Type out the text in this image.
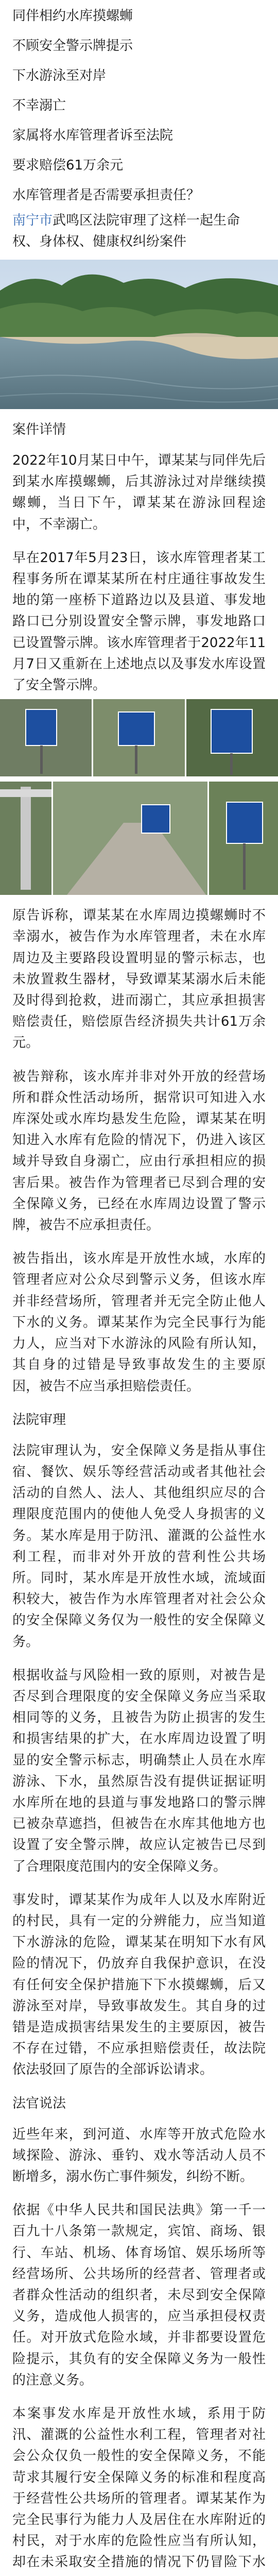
同伴相约水库摸螺蛳

不顾安全警示牌提示

下水游泳至对岸

不幸溺亡

家属将水库管理者诉至法院

要求赔偿61万余元

水库管理者是否需要承担责任？

南宁市武鸣区法院审理了这样一起生命权、身体权、健康权纠纷案件

案件详情

2022年10月某日中午，谭某某与同伴先后到某水库摸螺蛳，后其游泳过对岸继续摸螺蛳，当日下午，谭某某在游泳回程途中，不幸溺亡。

早在2017年5月23日，该水库管理者某工程事务所在谭某某所在村庄通往事故发生地的第一座桥下道路边以及县道、事发地路口已分别设置安全警示牌，事发地路口已设置警示牌。该水库管理者于2022年11月7日又重新在上述地点以及事发水库设置了安全警示牌。

原告诉称，谭某某在水库周边摸螺蛳时不幸溺水，被告作为水库管理者，未在水库周边及主要路段设置明显的警示标志，也未放置救生器材，导致谭某某溺水后未能及时得到抢救，进而溺亡，其应承担损害赔偿责任，赔偿原告经济损失共计61万余元。

被告辩称，该水库并非对外开放的经营场所和群众性活动场所，据常识可知进入水库深处或水库均悬发生危险，谭某某在明知进入水库有危险的情况下，仍进入该区域并导致自身溺亡，应由行承担相应的损害后果。被告作为管理者已尽到合理的安全保障义务，已经在水库周边设置了警示牌，被告不应承担责任。

被告指出，该水库是开放性水域，水库的管理者应对公众尽到警示义务，但该水库并非经营场所，管理者并无完全防止他人下水的义务。谭某某作为完全民事行为能力人，应当对下水游泳的风险有所认知，其自身的过错是导致事故发生的主要原因，被告不应当承担赔偿责任。

法院审理

法院审理认为，安全保障义务是指从事住宿、餐饮、娱乐等经营活动或者其他社会活动的自然人、法人、其他组织应尽的合理限度范围内的使他人免受人身损害的义务。某水库是用于防汛、灌溉的公益性水利工程，而非对外开放的营利性公共场所。同时，某水库是开放性水域，流域面积较大，被告作为水库管理者对社会公众的安全保障义务仅为一般性的安全保障义务。

根据收益与风险相一致的原则，对被告是否尽到合理限度的安全保障义务应当采取相同等的义务，且被告为防止损害的发生和损害结果的扩大，在水库周边设置了明显的安全警示标志，明确禁止人员在水库游泳、下水，虽然原告没有提供证据证明水库所在地的县道与事发地路口的警示牌已被杂草遮挡，但被告在水库其他地方也设置了安全警示牌，故应认定被告已尽到了合理限度范围内的安全保障义务。

事发时，谭某某作为成年人以及水库附近的村民，具有一定的分辨能力，应当知道下水游泳的危险，谭某某在明知下水有风险的情况下，仍放弃自我保护意识，在没有任何安全保护措施下下水摸螺蛳，后又游泳至对岸，导致事故发生。其自身的过错是造成损害结果发生的主要原因，被告不存在过错，不应承担赔偿责任，故法院依法驳回了原告的全部诉讼请求。

法官说法

近些年来，到河道、水库等开放式危险水域探险、游泳、垂钓、戏水等活动人员不断增多，溺水伤亡事件频发，纠纷不断。

依据《中华人民共和国民法典》第一千一百九十八条第一款规定，宾馆、商场、银行、车站、机场、体育场馆、娱乐场所等经营场所、公共场所的经营者、管理者或者群众性活动的组织者，未尽到安全保障义务，造成他人损害的，应当承担侵权责任。对开放式危险水域，并非都要设置危险提示，其负有的安全保障义务为一般性的注意义务。

本案事发水库是开放性水域，系用于防汛、灌溉的公益性水利工程，管理者对社会公众仅负一般性的安全保障义务，不能苛求其履行安全保障义务的标准和程度高于经营性公共场所的管理者。谭某某作为完全民事行为能力人及居住在水库附近的村民，对于水库的危险性应当有所认知，却在未采取安全措施的情况下仍冒险下水
